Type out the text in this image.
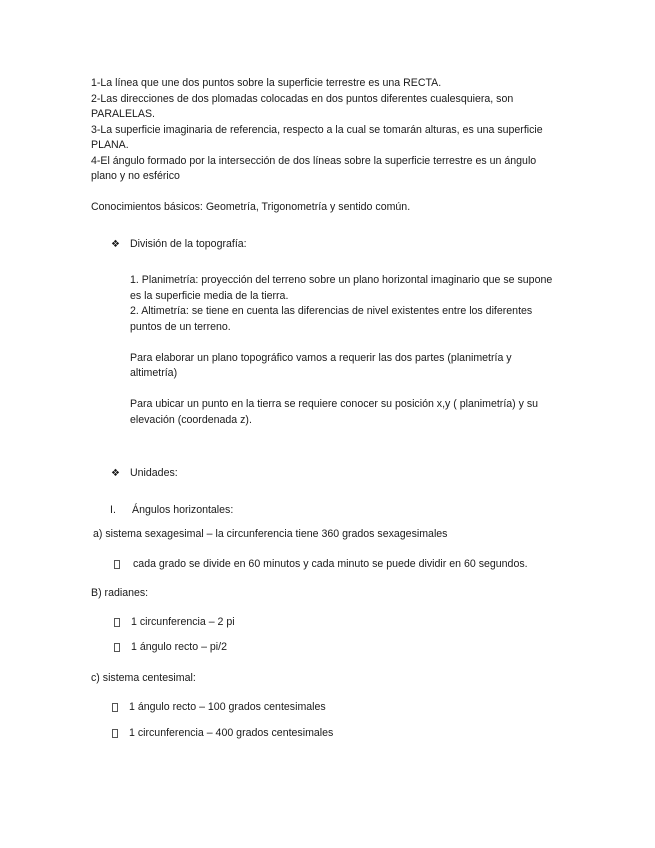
1-La línea que une dos puntos sobre la superficie terrestre es una RECTA.
2-Las direcciones de dos plomadas colocadas en dos puntos diferentes cualesquiera, son
PARALELAS.
3-La superficie imaginaria de referencia, respecto a la cual se tomarán alturas, es una superficie
PLANA.
4-El ángulo formado por la intersección de dos líneas sobre la superficie terrestre es un ángulo
plano y no esférico
Conocimientos básicos: Geometría, Trigonometría y sentido común.
❖ División de la topografía:
1. Planimetría: proyección del terreno sobre un plano horizontal imaginario que se supone
es la superficie media de la tierra.
2. Altimetría: se tiene en cuenta las diferencias de nivel existentes entre los diferentes
puntos de un terreno.
Para elaborar un plano topográfico vamos a requerir las dos partes (planimetría y
altimetría)
Para ubicar un punto en la tierra se requiere conocer su posición x,y ( planimetría) y su
elevación (coordenada z).
❖ Unidades:
I. Ángulos horizontales:
a) sistema sexagesimal – la circunferencia tiene 360 grados sexagesimales
cada grado se divide en 60 minutos y cada minuto se puede dividir en 60 segundos.
B) radianes:
1 circunferencia – 2 pi
1 ángulo recto – pi/2
c) sistema centesimal:
1 ángulo recto – 100 grados centesimales
1 circunferencia – 400 grados centesimales
